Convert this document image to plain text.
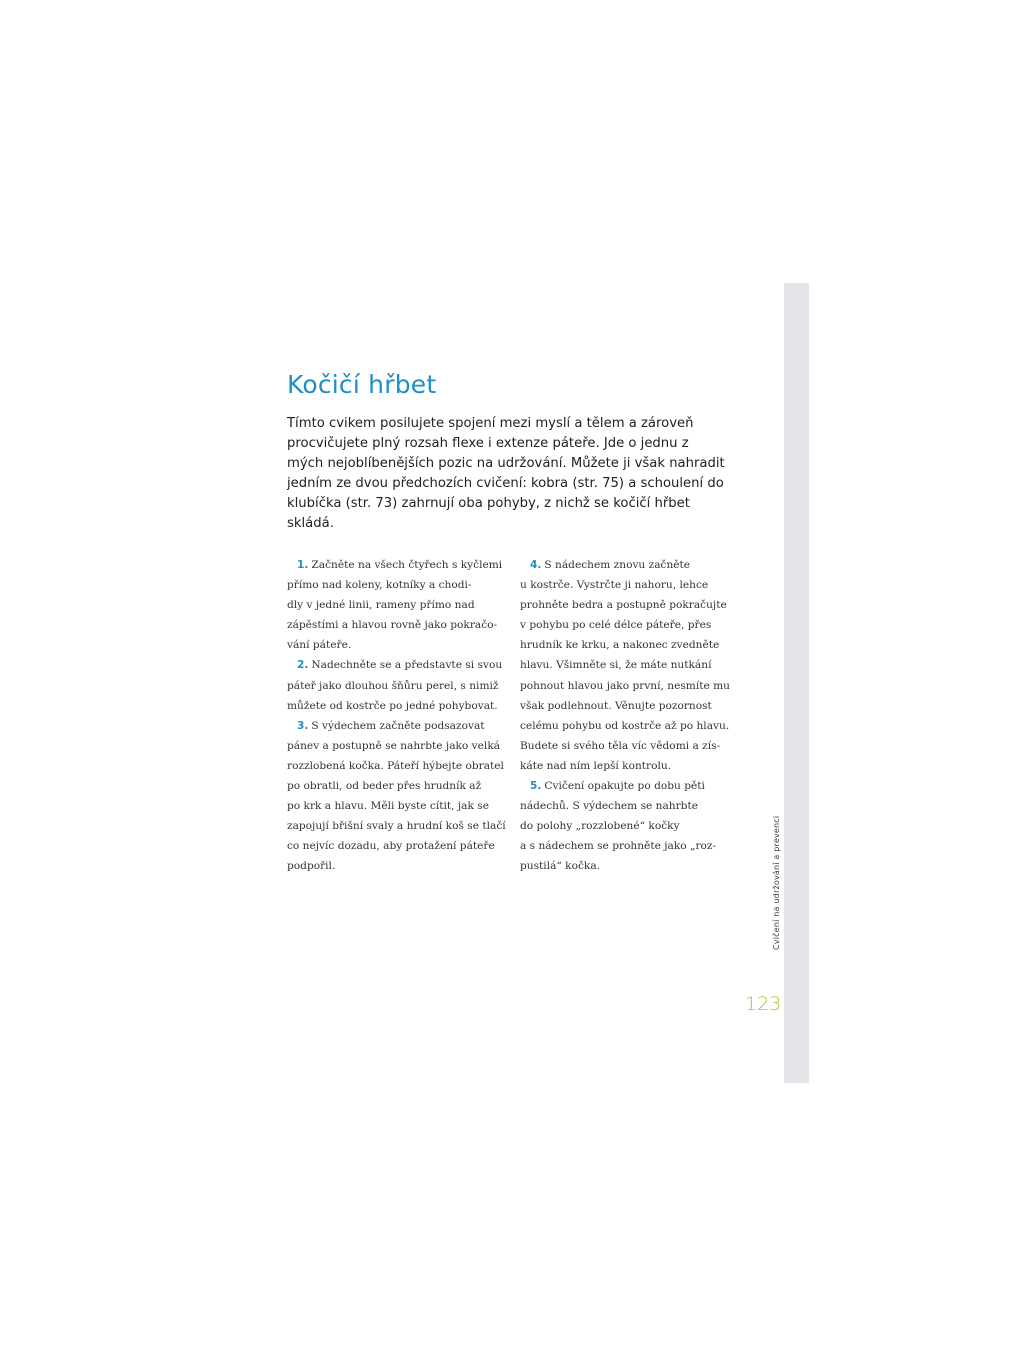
Cvičení na udržování a prevenci
123
Kočičí hřbet

Tímto cvikem posilujete spojení mezi myslí a tělem a zároveň procvičujete plný rozsah flexe i extenze páteře. Jde o jednu z mých nejoblíbenějších pozic na udržování. Můžete ji však nahradit jedním ze dvou předchozích cvičení: kobra (str. 75) a schoulení do klubíčka (str. 73) zahrnují oba pohyby, z nichž se kočičí hřbet skládá.

1. Začněte na všech čtyřech s kyčlemi
přímo nad koleny, kotníky a chodi-
dly v jedné linii, rameny přímo nad
zápěstími a hlavou rovně jako pokračo-
vání páteře.

2. Nadechněte se a představte si svou
páteř jako dlouhou šňůru perel, s nimiž
můžete od kostrče po jedné pohybovat.

3. S výdechem začněte podsazovat
pánev a postupně se nahrbte jako velká
rozzlobená kočka. Páteří hýbejte obratel
po obratli, od beder přes hrudník až
po krk a hlavu. Měli byste cítit, jak se
zapojují břišní svaly a hrudní koš se tlačí
co nejvíc dozadu, aby protažení páteře
podpořil.

4. S nádechem znovu začněte
u kostrče. Vystrčte ji nahoru, lehce
prohněte bedra a postupně pokračujte
v pohybu po celé délce páteře, přes
hrudník ke krku, a nakonec zvedněte
hlavu. Všimněte si, že máte nutkání
pohnout hlavou jako první, nesmíte mu
však podlehnout. Věnujte pozornost
celému pohybu od kostrče až po hlavu.
Budete si svého těla víc vědomi a zís-
káte nad ním lepší kontrolu.

5. Cvičení opakujte po dobu pěti
nádechů. S výdechem se nahrbte
do polohy „rozzlobené“ kočky
a s nádechem se prohněte jako „roz-
pustilá“ kočka.
